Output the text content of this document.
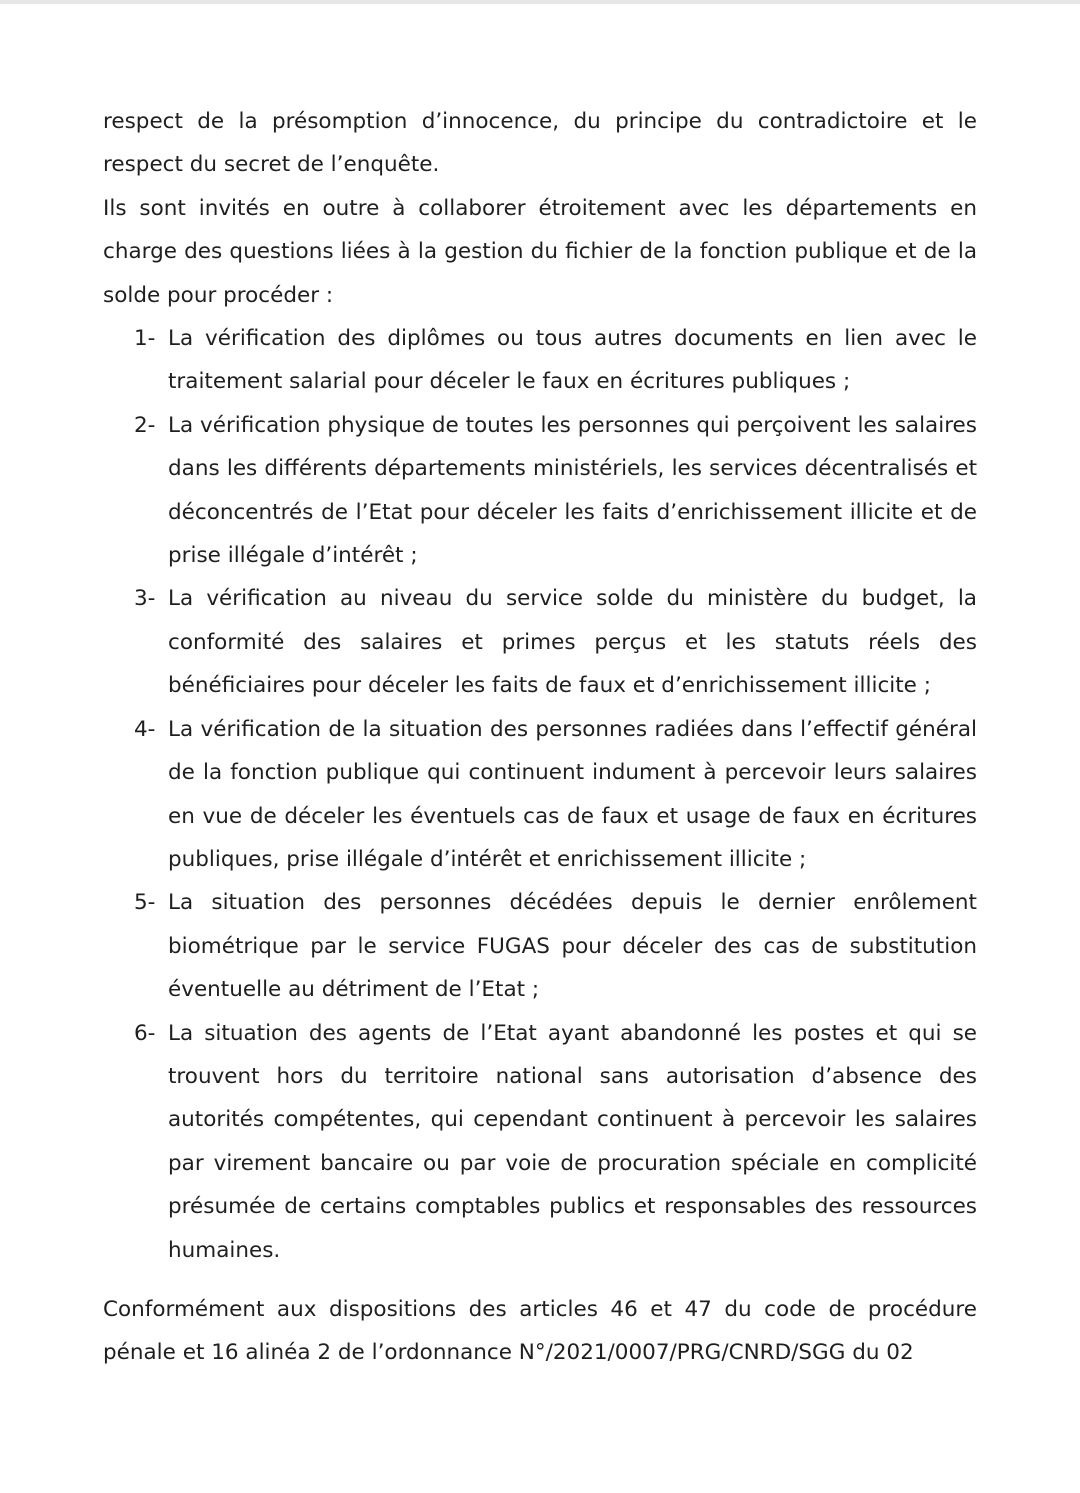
respect de la présomption d’innocence, du principe du contradictoire et le respect du secret de l’enquête.

Ils sont invités en outre à collaborer étroitement avec les départements en charge des questions liées à la gestion du fichier de la fonction publique et de la solde pour procéder :

1- La vérification des diplômes ou tous autres documents en lien avec le traitement salarial pour déceler le faux en écritures publiques ;
2- La vérification physique de toutes les personnes qui perçoivent les salaires dans les différents départements ministériels, les services décentralisés et déconcentrés de l’Etat pour déceler les faits d’enrichissement illicite et de prise illégale d’intérêt ;
3- La vérification au niveau du service solde du ministère du budget, la conformité des salaires et primes perçus et les statuts réels des bénéficiaires pour déceler les faits de faux et d’enrichissement illicite ;
4- La vérification de la situation des personnes radiées dans l’effectif général de la fonction publique qui continuent indument à percevoir leurs salaires en vue de déceler les éventuels cas de faux et usage de faux en écritures publiques, prise illégale d’intérêt et enrichissement illicite ;
5- La situation des personnes décédées depuis le dernier enrôlement biométrique par le service FUGAS pour déceler des cas de substitution éventuelle au détriment de l’Etat ;
6- La situation des agents de l’Etat ayant abandonné les postes et qui se trouvent hors du territoire national sans autorisation d’absence des autorités compétentes, qui cependant continuent à percevoir les salaires par virement bancaire ou par voie de procuration spéciale en complicité présumée de certains comptables publics et responsables des ressources humaines.

Conformément aux dispositions des articles 46 et 47 du code de procédure pénale et 16 alinéa 2 de l’ordonnance N°/2021/0007/PRG/CNRD/SGG du 02
